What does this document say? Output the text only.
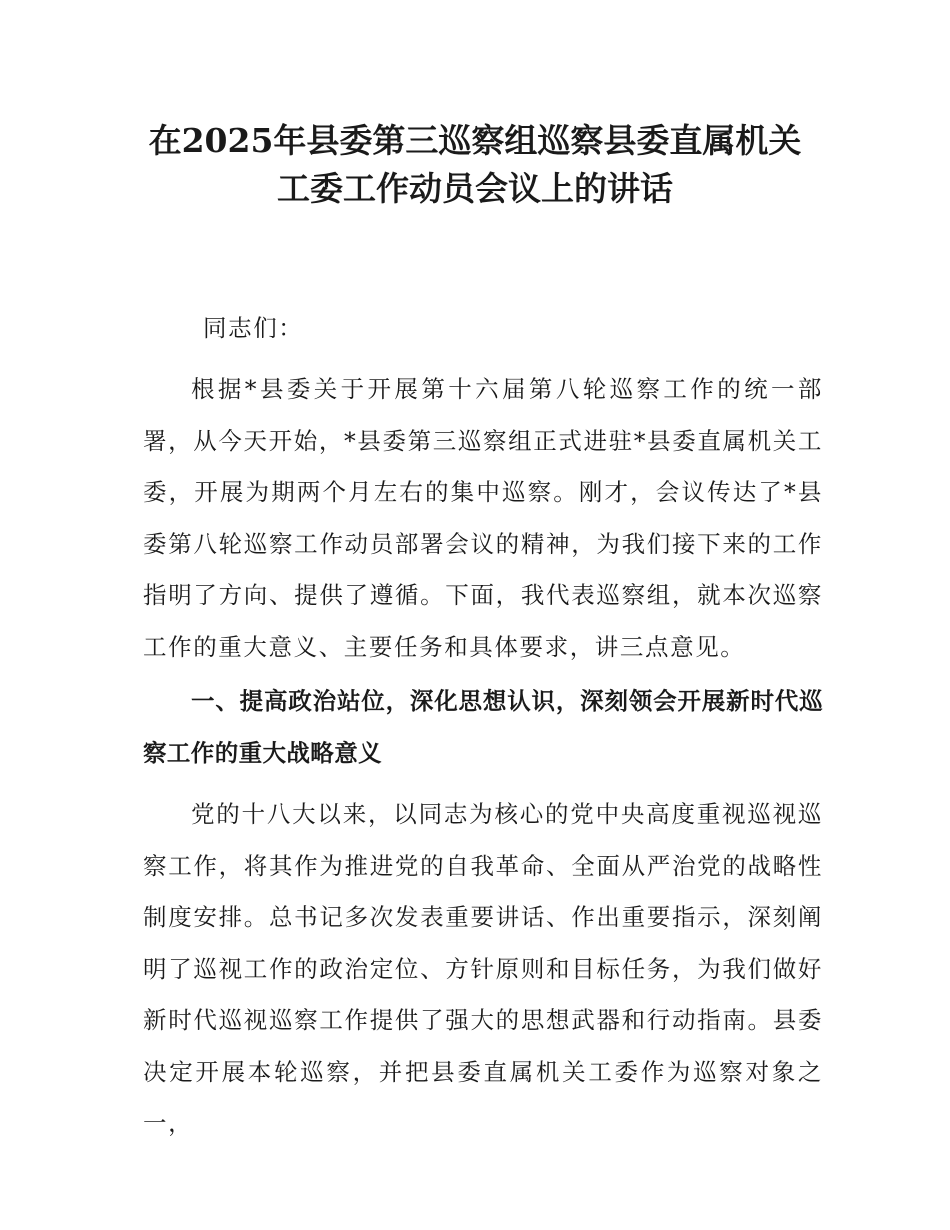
在2025年县委第三巡察组巡察县委直属机关
工委工作动员会议上的讲话
同志们：
根据*县委关于开展第十六届第八轮巡察工作的统一部署，从今天开始，*县委第三巡察组正式进驻*县委直属机关工委，开展为期两个月左右的集中巡察。刚才，会议传达了*县委第八轮巡察工作动员部署会议的精神，为我们接下来的工作指明了方向、提供了遵循。下面，我代表巡察组，就本次巡察工作的重大意义、主要任务和具体要求，讲三点意见。
一、提高政治站位，深化思想认识，深刻领会开展新时代巡察工作的重大战略意义
党的十八大以来，以同志为核心的党中央高度重视巡视巡察工作，将其作为推进党的自我革命、全面从严治党的战略性制度安排。总书记多次发表重要讲话、作出重要指示，深刻阐明了巡视工作的政治定位、方针原则和目标任务，为我们做好新时代巡视巡察工作提供了强大的思想武器和行动指南。县委决定开展本轮巡察，并把县委直属机关工委作为巡察对象之一，
